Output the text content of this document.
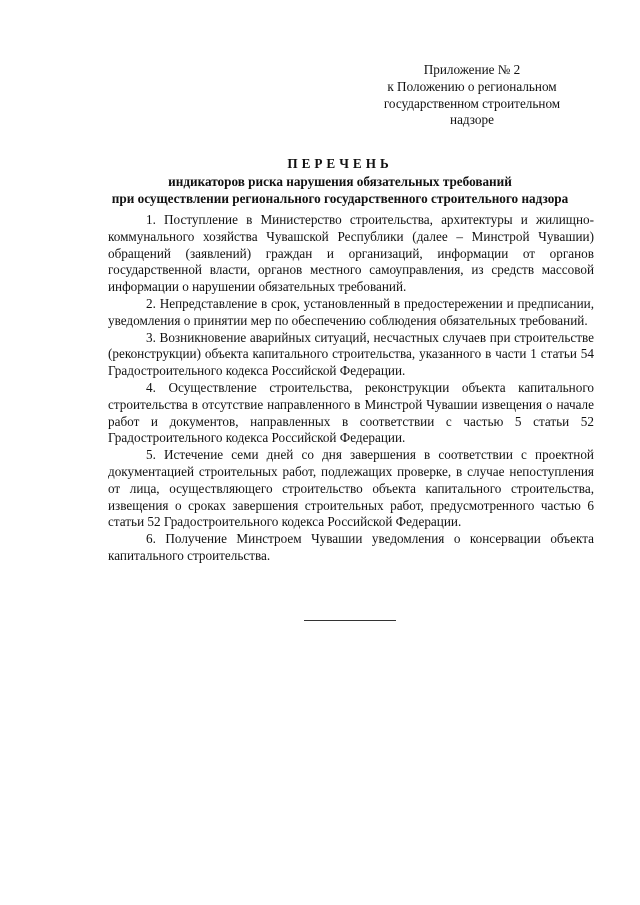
Приложение № 2
к Положению о региональном
государственном строительном
надзоре
ПЕРЕЧЕНЬ
индикаторов риска нарушения обязательных требований
при осуществлении регионального государственного строительного надзора

1. Поступление в Министерство строительства, архитектуры и жилищно-коммунального хозяйства Чувашской Республики (далее – Минстрой Чувашии) обращений (заявлений) граждан и организаций, информации от органов государственной власти, органов местного самоуправления, из средств массовой информации о нарушении обязательных требований.

2. Непредставление в срок, установленный в предостережении и предписании, уведомления о принятии мер по обеспечению соблюдения обязательных требований.

3. Возникновение аварийных ситуаций, несчастных случаев при строительстве (реконструкции) объекта капитального строительства, указанного в части 1 статьи 54 Градостроительного кодекса Российской Федерации.

4. Осуществление строительства, реконструкции объекта капитального строительства в отсутствие направленного в Минстрой Чувашии извещения о начале работ и документов, направленных в соответствии с частью 5 статьи 52 Градостроительного кодекса Российской Федерации.

5. Истечение семи дней со дня завершения в соответствии с проектной документацией строительных работ, подлежащих проверке, в случае непоступления от лица, осуществляющего строительство объекта капитального строительства, извещения о сроках завершения строительных работ, предусмотренного частью 6 статьи 52 Градостроительного кодекса Российской Федерации.

6. Получение Минстроем Чувашии уведомления о консервации объекта капитального строительства.
